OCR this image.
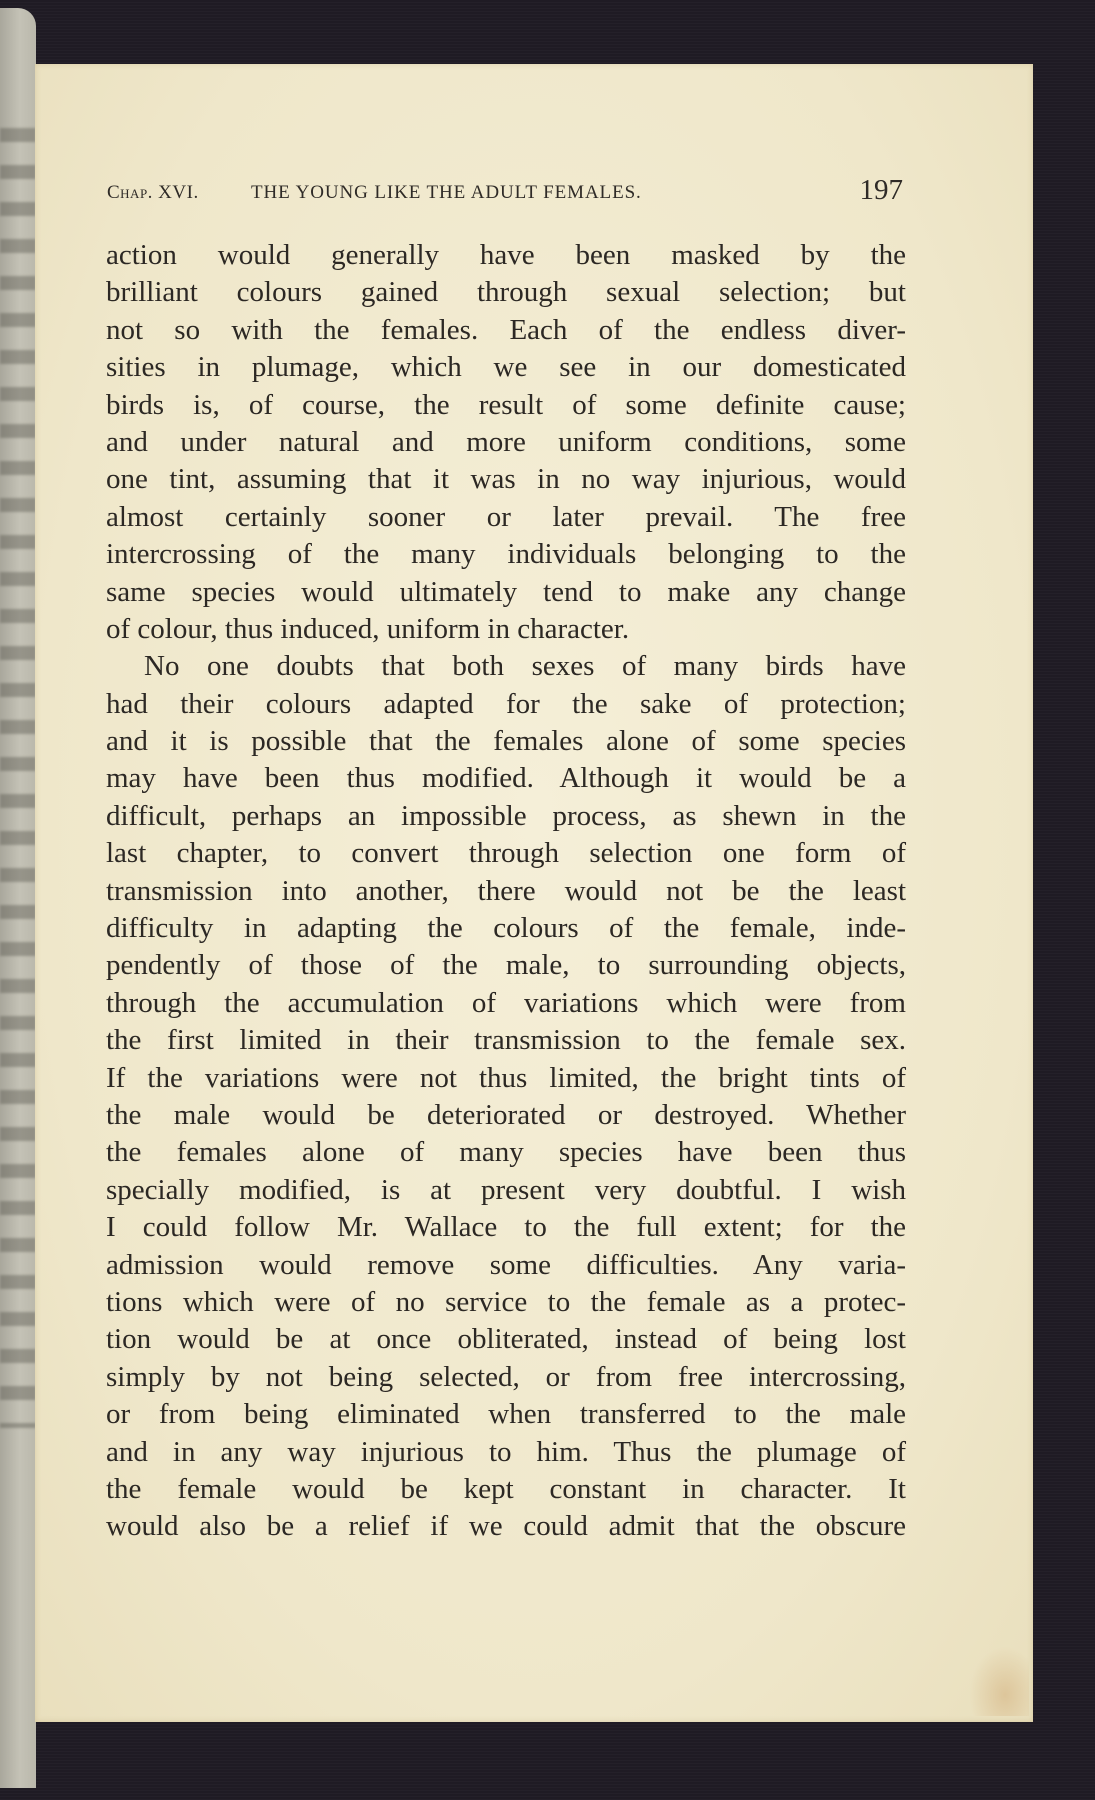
Chap. XVI.	THE YOUNG LIKE THE ADULT FEMALES.	197
action would generally have been masked by the
brilliant colours gained through sexual selection; but
not so with the females. Each of the endless diver-
sities in plumage, which we see in our domesticated
birds is, of course, the result of some definite cause;
and under natural and more uniform conditions, some
one tint, assuming that it was in no way injurious, would
almost certainly sooner or later prevail. The free
intercrossing of the many individuals belonging to the
same species would ultimately tend to make any change
of colour, thus induced, uniform in character.
No one doubts that both sexes of many birds have
had their colours adapted for the sake of protection;
and it is possible that the females alone of some species
may have been thus modified. Although it would be a
difficult, perhaps an impossible process, as shewn in the
last chapter, to convert through selection one form of
transmission into another, there would not be the least
difficulty in adapting the colours of the female, inde-
pendently of those of the male, to surrounding objects,
through the accumulation of variations which were from
the first limited in their transmission to the female sex.
If the variations were not thus limited, the bright tints of
the male would be deteriorated or destroyed. Whether
the females alone of many species have been thus
specially modified, is at present very doubtful. I wish
I could follow Mr. Wallace to the full extent; for the
admission would remove some difficulties. Any varia-
tions which were of no service to the female as a protec-
tion would be at once obliterated, instead of being lost
simply by not being selected, or from free intercrossing,
or from being eliminated when transferred to the male
and in any way injurious to him. Thus the plumage of
the female would be kept constant in character. It
would also be a relief if we could admit that the obscure
